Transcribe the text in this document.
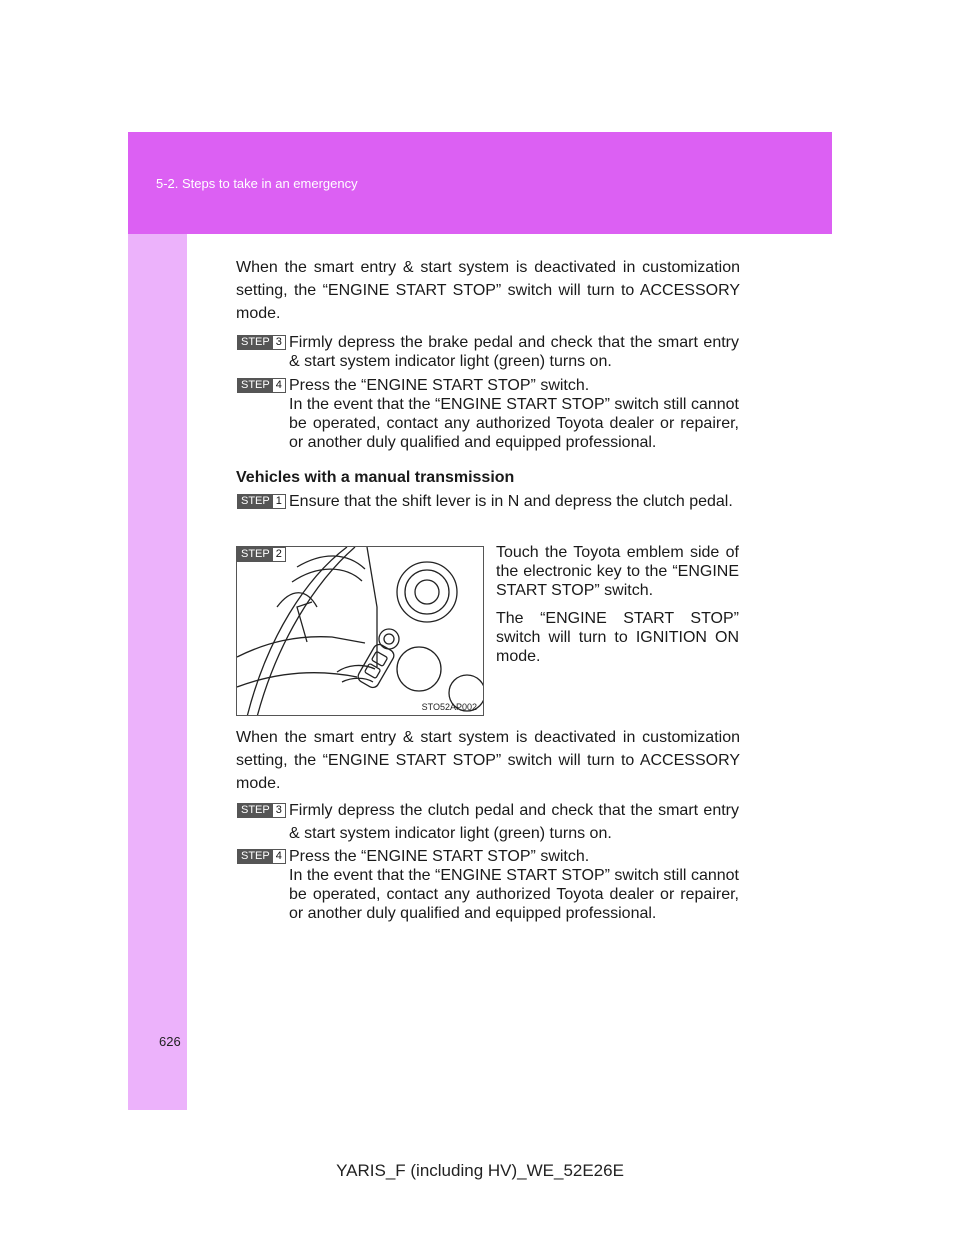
5-2. Steps to take in an emergency
When the smart entry & start system is deactivated in customization setting, the “ENGINE START STOP” switch will turn to ACCESSORY mode.
STEP 3 Firmly depress the brake pedal and check that the smart entry & start system indicator light (green) turns on.
STEP 4 Press the “ENGINE START STOP” switch.
In the event that the “ENGINE START STOP” switch still cannot be operated, contact any authorized Toyota dealer or repairer, or another duly qualified and equipped professional.
Vehicles with a manual transmission
STEP 1 Ensure that the shift lever is in N and depress the clutch pedal.
STEP 2
STO52AP002
Touch the Toyota emblem side of the electronic key to the “ENGINE START STOP” switch.
The “ENGINE START STOP” switch will turn to IGNITION ON mode.
When the smart entry & start system is deactivated in customization setting, the “ENGINE START STOP” switch will turn to ACCESSORY mode.
STEP 3 Firmly depress the clutch pedal and check that the smart entry & start system indicator light (green) turns on.
STEP 4 Press the “ENGINE START STOP” switch.
In the event that the “ENGINE START STOP” switch still cannot be operated, contact any authorized Toyota dealer or repairer, or another duly qualified and equipped professional.
626
YARIS_F (including HV)_WE_52E26E
